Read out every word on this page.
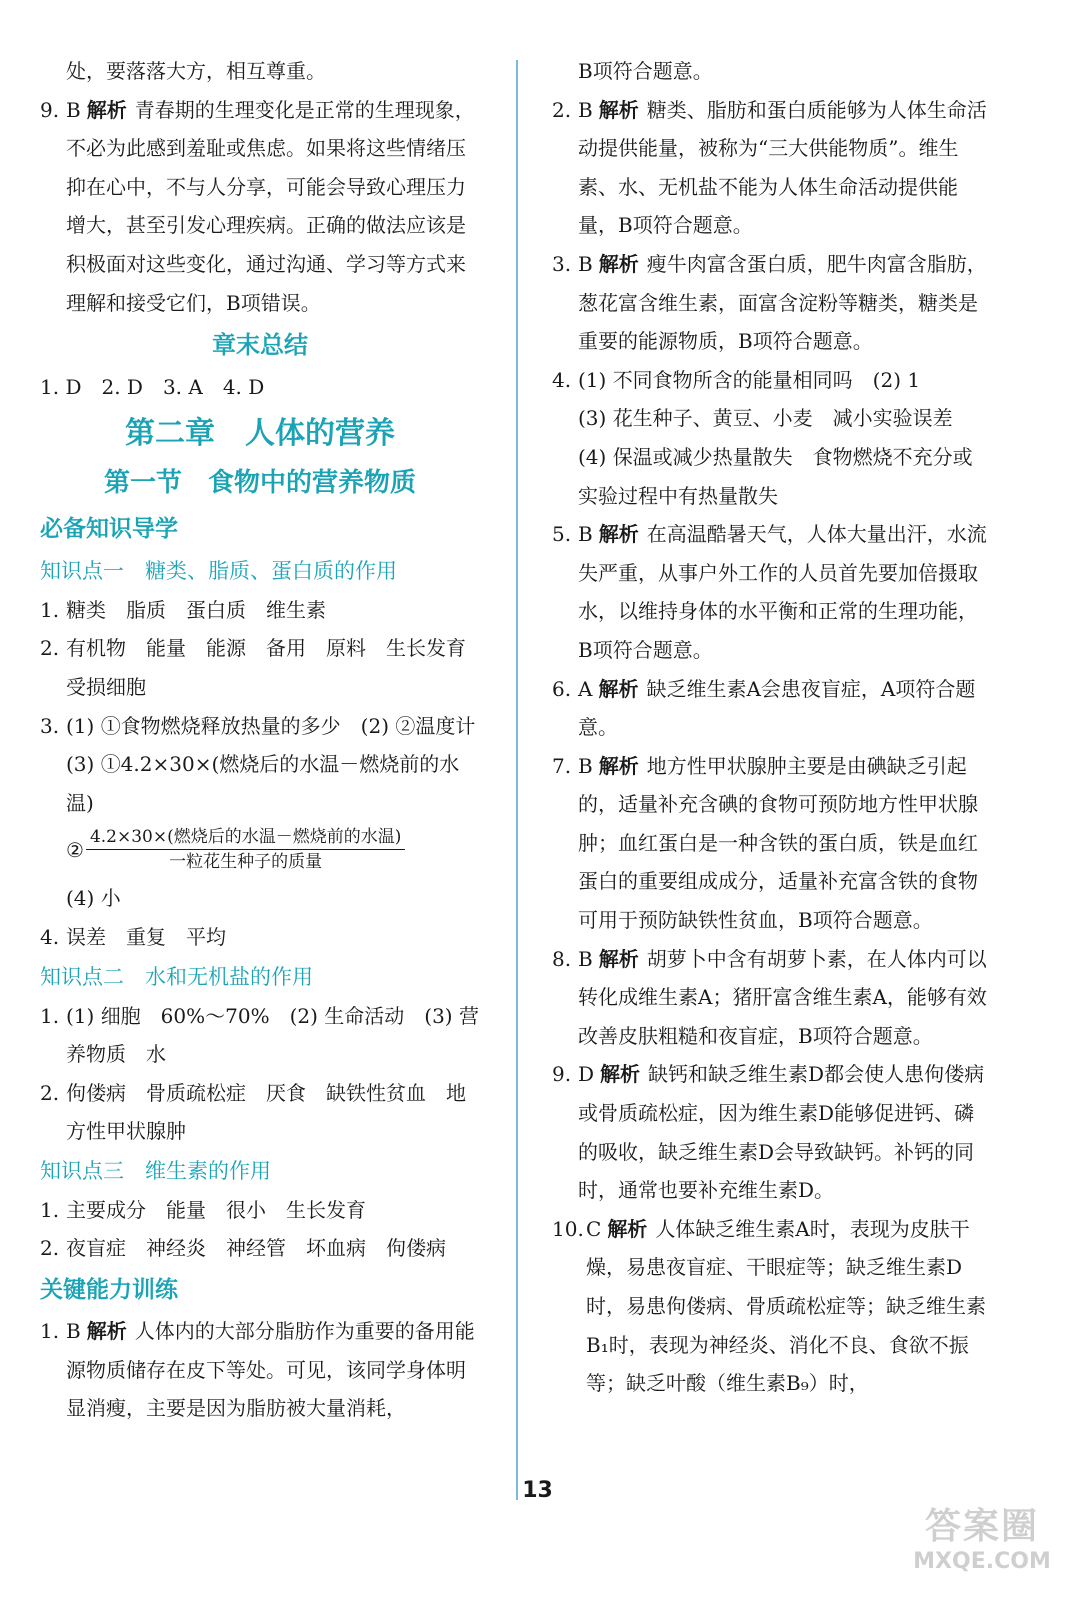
处，要落落大方，相互尊重。

9. B 解析 青春期的生理变化是正常的生理现象，不必为此感到羞耻或焦虑。如果将这些情绪压抑在心中，不与人分享，可能会导致心理压力增大，甚至引发心理疾病。正确的做法应该是积极面对这些变化，通过沟通、学习等方式来理解和接受它们，B项错误。
章末总结

1. D　2. D　3. A　4. D

第二章　人体的营养
第一节　食物中的营养物质
必备知识导学
知识点一　糖类、脂质、蛋白质的作用
1. 糖类　脂质　蛋白质　维生素
2. 有机物　能量　能源　备用　原料　生长发育　受损细胞
3. (1) ①食物燃烧释放热量的多少　(2) ②温度计　(3) ①4.2×30×(燃烧后的水温－燃烧前的水温)
② $\frac{\text{4.2×30×(燃烧后的水温－燃烧前的水温)}}{\text{一粒花生种子的质量}}$

(4) 小

4. 误差　重复　平均
知识点二　水和无机盐的作用
1. (1) 细胞　60%～70%　(2) 生命活动　(3) 营养物质　水
2. 佝偻病　骨质疏松症　厌食　缺铁性贫血　地方性甲状腺肿
知识点三　维生素的作用
1. 主要成分　能量　很小　生长发育
2. 夜盲症　神经炎　神经管　坏血病　佝偻病
关键能力训练
1. B 解析 人体内的大部分脂肪作为重要的备用能源物质储存在皮下等处。可见，该同学身体明显消瘦，主要是因为脂肪被大量消耗，

B项符合题意。

2. B 解析 糖类、脂肪和蛋白质能够为人体生命活动提供能量，被称为“三大供能物质”。维生素、水、无机盐不能为人体生命活动提供能量，B项符合题意。
3. B 解析 瘦牛肉富含蛋白质，肥牛肉富含脂肪，葱花富含维生素，面富含淀粉等糖类，糖类是重要的能源物质，B项符合题意。
4. (1) 不同食物所含的能量相同吗　(2) 1
(3) 花生种子、黄豆、小麦　减小实验误差
(4) 保温或减少热量散失　食物燃烧不充分或实验过程中有热量散失
5. B 解析 在高温酷暑天气，人体大量出汗，水流失严重，从事户外工作的人员首先要加倍摄取水，以维持身体的水平衡和正常的生理功能，B项符合题意。
6. A 解析 缺乏维生素A会患夜盲症，A项符合题意。
7. B 解析 地方性甲状腺肿主要是由碘缺乏引起的，适量补充含碘的食物可预防地方性甲状腺肿；血红蛋白是一种含铁的蛋白质，铁是血红蛋白的重要组成成分，适量补充富含铁的食物可用于预防缺铁性贫血，B项符合题意。
8. B 解析 胡萝卜中含有胡萝卜素，在人体内可以转化成维生素A；猪肝富含维生素A，能够有效改善皮肤粗糙和夜盲症，B项符合题意。
9. D 解析 缺钙和缺乏维生素D都会使人患佝偻病或骨质疏松症，因为维生素D能够促进钙、磷的吸收，缺乏维生素D会导致缺钙。补钙的同时，通常也要补充维生素D。
10. C 解析 人体缺乏维生素A时，表现为皮肤干燥，易患夜盲症、干眼症等；缺乏维生素D时，易患佝偻病、骨质疏松症等；缺乏维生素B₁时，表现为神经炎、消化不良、食欲不振等；缺乏叶酸（维生素B₉）时，
13
答案圈
MXQE.COM
